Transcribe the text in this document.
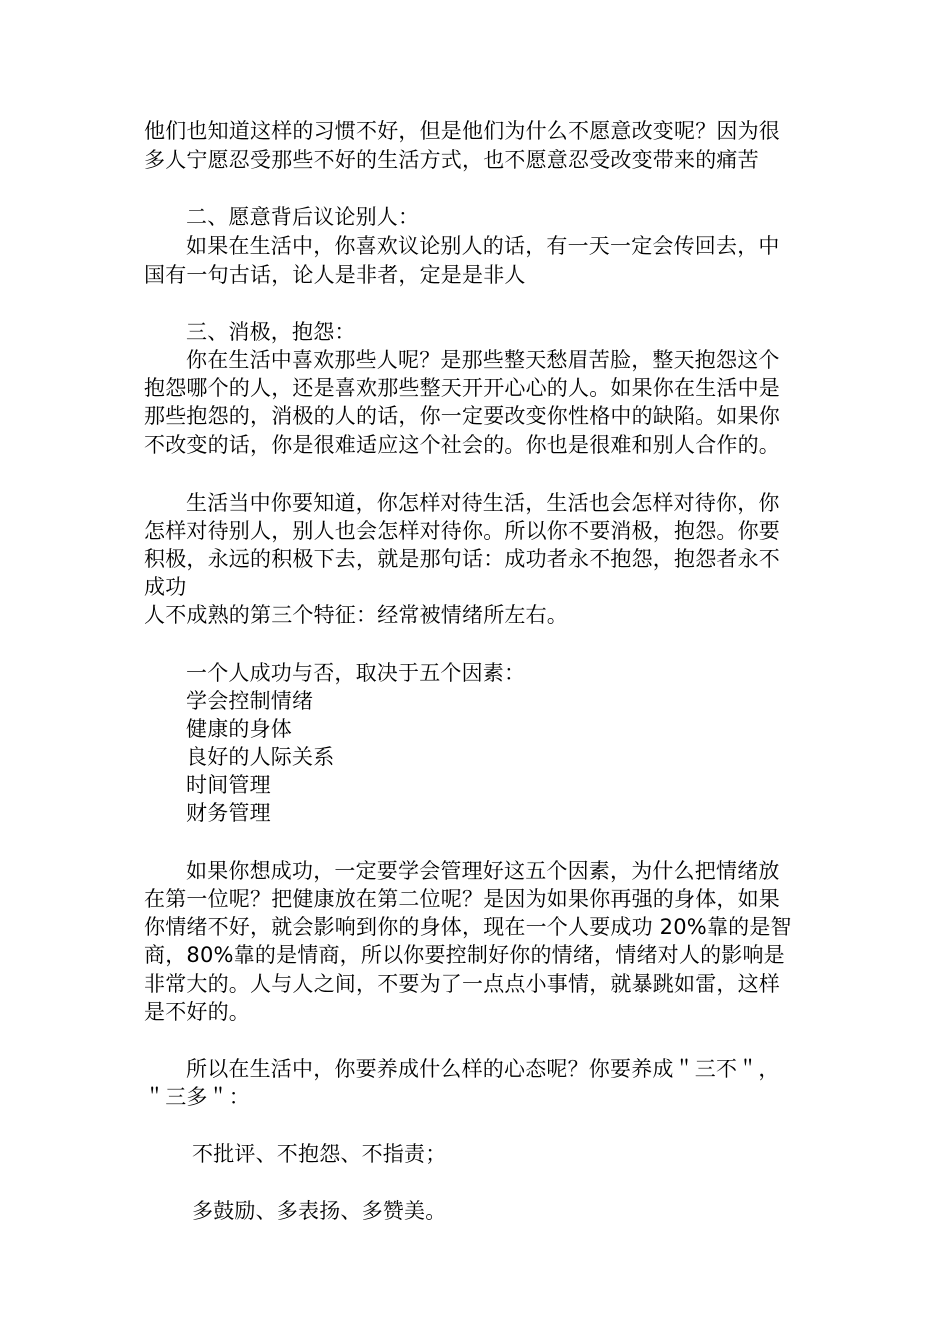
他们也知道这样的习惯不好，但是他们为什么不愿意改变呢？因为很
多人宁愿忍受那些不好的生活方式，也不愿意忍受改变带来的痛苦
二、愿意背后议论别人：
如果在生活中，你喜欢议论别人的话，有一天一定会传回去，中
国有一句古话，论人是非者，定是是非人
三、消极，抱怨：
你在生活中喜欢那些人呢？是那些整天愁眉苦脸，整天抱怨这个
抱怨哪个的人，还是喜欢那些整天开开心心的人。如果你在生活中是
那些抱怨的，消极的人的话，你一定要改变你性格中的缺陷。如果你
不改变的话，你是很难适应这个社会的。你也是很难和别人合作的。
生活当中你要知道，你怎样对待生活，生活也会怎样对待你，你
怎样对待别人，别人也会怎样对待你。所以你不要消极，抱怨。你要
积极，永远的积极下去，就是那句话：成功者永不抱怨，抱怨者永不
成功
人不成熟的第三个特征：经常被情绪所左右。
一个人成功与否，取决于五个因素：
学会控制情绪
健康的身体
良好的人际关系
时间管理
财务管理
如果你想成功，一定要学会管理好这五个因素，为什么把情绪放
在第一位呢？把健康放在第二位呢？是因为如果你再强的身体，如果
你情绪不好，就会影响到你的身体，现在一个人要成功 20%靠的是智
商，80%靠的是情商，所以你要控制好你的情绪，情绪对人的影响是
非常大的。人与人之间，不要为了一点点小事情，就暴跳如雷，这样
是不好的。
所以在生活中，你要养成什么样的心态呢？你要养成＂三不＂，
＂三多＂：
不批评、不抱怨、不指责；
多鼓励、多表扬、多赞美。
